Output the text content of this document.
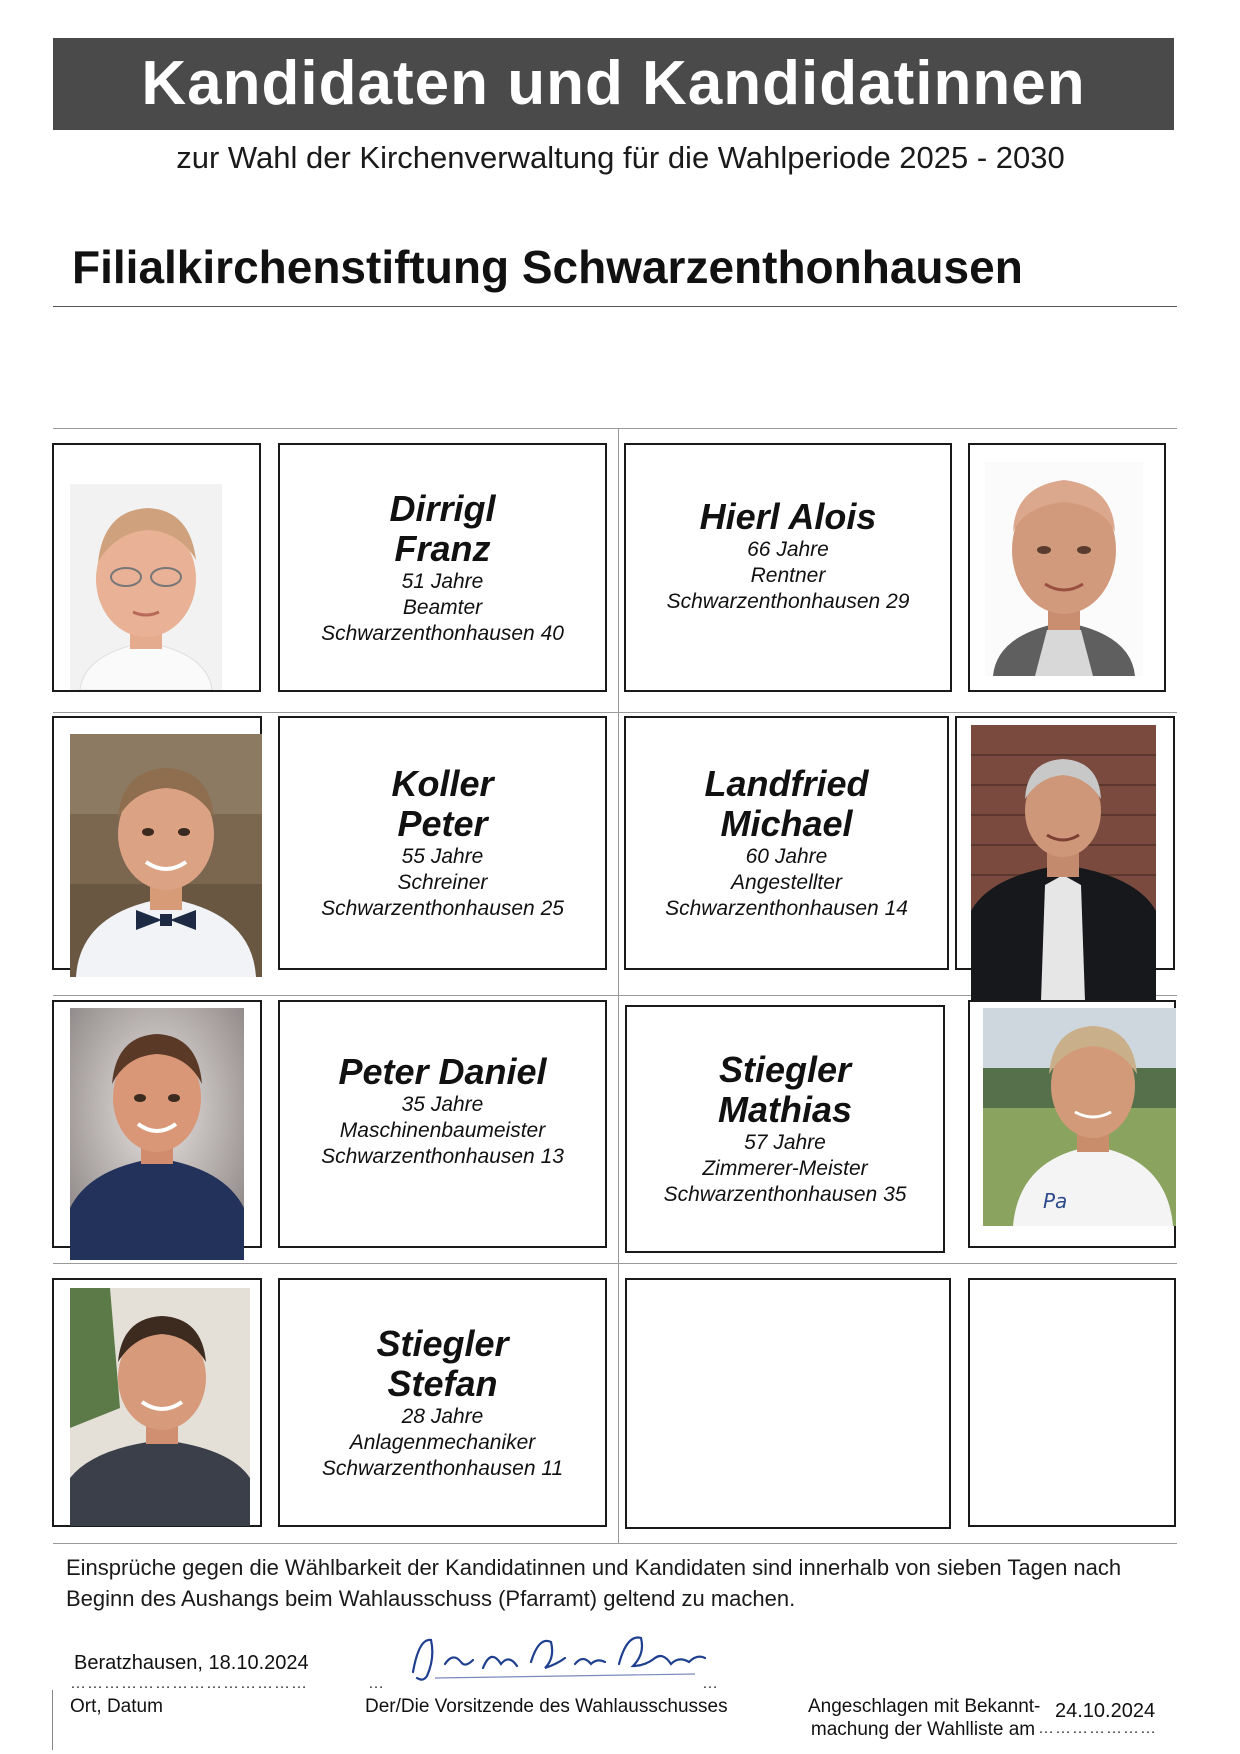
Kandidaten und Kandidatinnen
zur Wahl der Kirchenverwaltung für die Wahlperiode 2025 - 2030
Filialkirchenstiftung Schwarzenthonhausen
Dirrigl
Franz
51 Jahre
Beamter
Schwarzenthonhausen 40
Hierl Alois
66 Jahre
Rentner
Schwarzenthonhausen 29
Koller
Peter
55 Jahre
Schreiner
Schwarzenthonhausen 25
Landfried
Michael
60 Jahre
Angestellter
Schwarzenthonhausen 14
Peter Daniel
35 Jahre
Maschinenbaumeister
Schwarzenthonhausen 13
Stiegler
Mathias
57 Jahre
Zimmerer-Meister
Schwarzenthonhausen 35	Pa
Stiegler
Stefan
28 Jahre
Anlagenmechaniker
Schwarzenthonhausen 11
Einsprüche gegen die Wählbarkeit der Kandidatinnen und Kandidaten sind innerhalb von sieben Tagen nach Beginn des Aushangs beim Wahlausschuss (Pfarramt) geltend zu machen.
Beratzhausen, 18.10.2024
……………………………………
Ort, Datum
…	…
Der/Die Vorsitzende des Wahlausschusses	Angeschlagen mit Bekannt-
machung der Wahlliste am
24.10.2024
…………………
